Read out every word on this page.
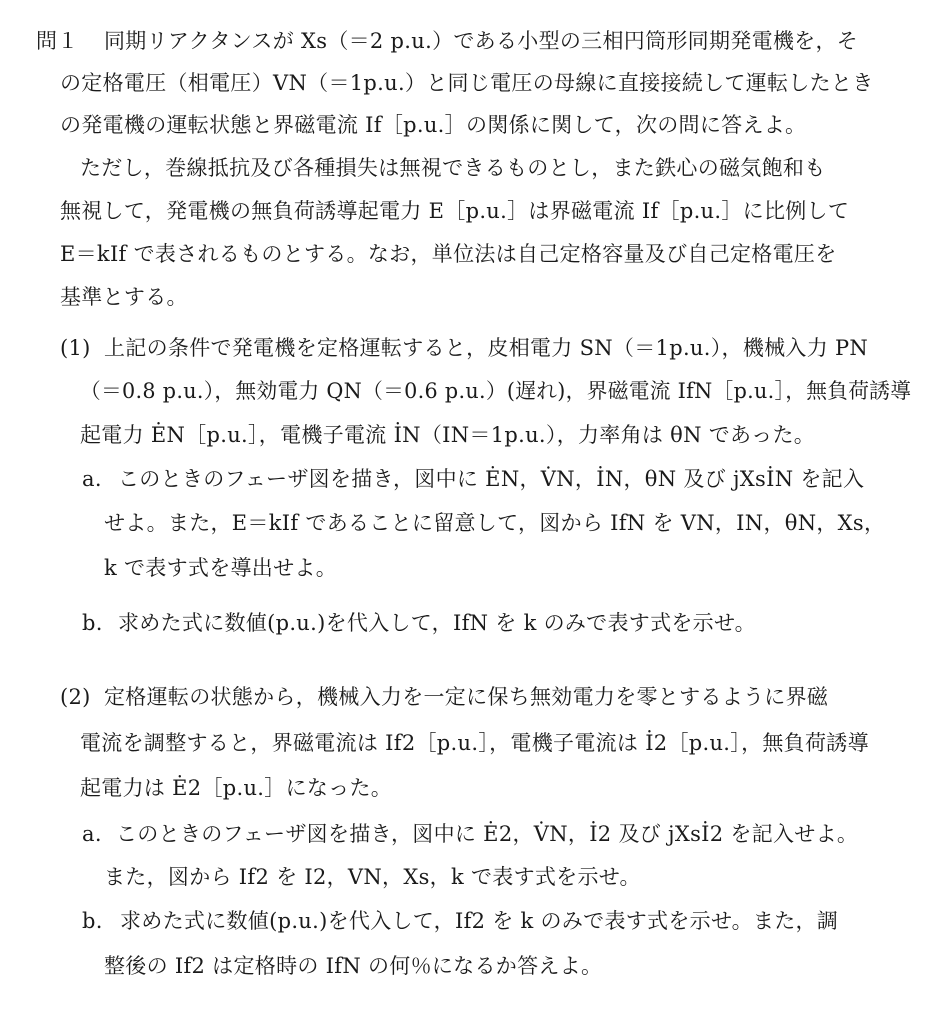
問１ 同期リアクタンスが Xs（＝2 p.u.）である小型の三相円筒形同期発電機を，そ
の定格電圧（相電圧）VN（＝1p.u.）と同じ電圧の母線に直接接続して運転したとき
の発電機の運転状態と界磁電流 If［p.u.］の関係に関して，次の問に答えよ。
ただし，巻線抵抗及び各種損失は無視できるものとし，また鉄心の磁気飽和も
無視して，発電機の無負荷誘導起電力 E［p.u.］は界磁電流 If［p.u.］に比例して
E＝kIf で表されるものとする。なお，単位法は自己定格容量及び自己定格電圧を
基準とする。
(1) 上記の条件で発電機を定格運転すると，皮相電力 SN（＝1p.u.），機械入力 PN
（＝0.8 p.u.），無効電力 QN（＝0.6 p.u.）(遅れ)，界磁電流 IfN［p.u.］，無負荷誘導
起電力 ĖN［p.u.］，電機子電流 İN（IN＝1p.u.），力率角は θN であった。
a. このときのフェーザ図を描き，図中に ĖN，V̇N，İN，θN 及び jXsİN を記入
せよ。また，E＝kIf であることに留意して，図から IfN を VN，IN，θN，Xs，
k で表す式を導出せよ。
b. 求めた式に数値(p.u.)を代入して，IfN を k のみで表す式を示せ。
(2) 定格運転の状態から，機械入力を一定に保ち無効電力を零とするように界磁
電流を調整すると，界磁電流は If2［p.u.］，電機子電流は İ2［p.u.］，無負荷誘導
起電力は Ė2［p.u.］になった。
a. このときのフェーザ図を描き，図中に Ė2，V̇N，İ2 及び jXsİ2 を記入せよ。
また，図から If2 を I2，VN，Xs，k で表す式を示せ。
b. 求めた式に数値(p.u.)を代入して，If2 を k のみで表す式を示せ。また，調
整後の If2 は定格時の IfN の何％になるか答えよ。
